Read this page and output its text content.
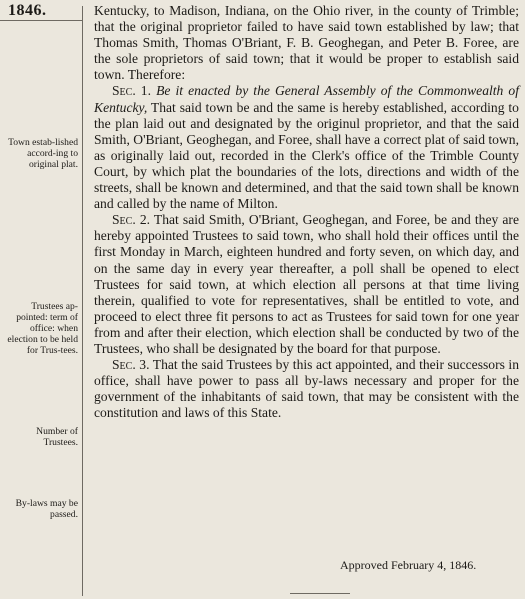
1846.
Town estab-lished accord-ing to original plat.
Trustees ap-pointed: term of office: when election to be held for Trus-tees.
Number of Trustees.
By-laws may be passed.

Kentucky, to Madison, Indiana, on the Ohio river, in the county of Trimble; that the original proprietor failed to have said town established by law; that Thomas Smith, Thomas O'Briant, F. B. Geoghegan, and Peter B. Foree, are the sole proprietors of said town; that it would be proper to establish said town. Therefore:

Sec. 1. Be it enacted by the General Assembly of the Commonwealth of Kentucky, That said town be and the same is hereby established, according to the plan laid out and designated by the originul proprietor, and that the said Smith, O'Briant, Geoghegan, and Foree, shall have a correct plat of said town, as originally laid out, recorded in the Clerk's office of the Trimble County Court, by which plat the boundaries of the lots, directions and width of the streets, shall be known and determined, and that the said town shall be known and called by the name of Milton.

Sec. 2. That said Smith, O'Briant, Geoghegan, and Foree, be and they are hereby appointed Trustees to said town, who shall hold their offices until the first Monday in March, eighteen hundred and forty seven, on which day, and on the same day in every year thereafter, a poll shall be opened to elect Trustees for said town, at which election all persons at that time living therein, qualified to vote for representatives, shall be entitled to vote, and proceed to elect three fit persons to act as Trustees for said town for one year from and after their election, which election shall be conducted by two of the Trustees, who shall be designated by the board for that purpose.

Sec. 3. That the said Trustees by this act appointed, and their successors in office, shall have power to pass all by-laws necessary and proper for the government of the inhabitants of said town, that may be consistent with the constitution and laws of this State.

Approved February 4, 1846.
